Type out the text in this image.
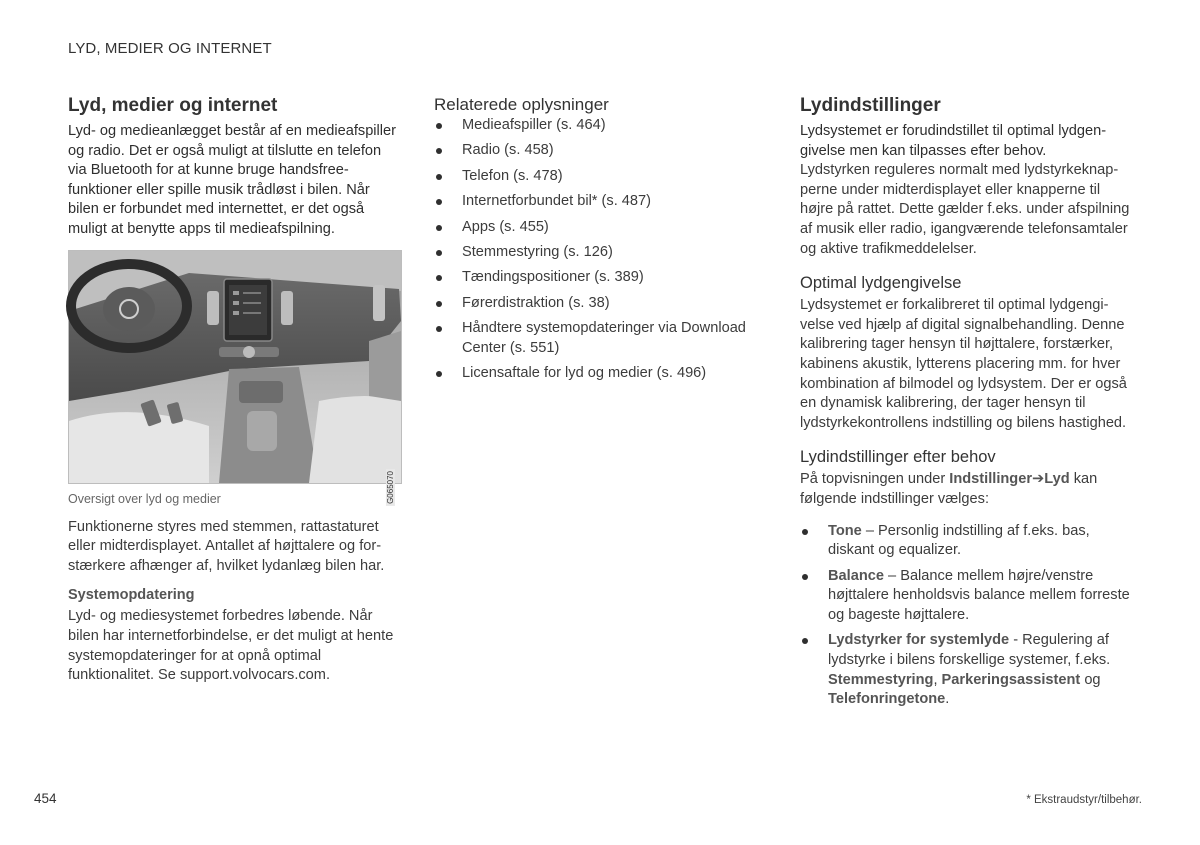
LYD, MEDIER OG INTERNET
Lyd, medier og internet

Lyd- og medieanlægget består af en medieafspiller og radio. Det er også muligt at tilslutte en telefon via Bluetooth for at kunne bruge handsfree-funktioner eller spille musik trådløst i bilen. Når bilen er forbundet med internettet, er det også muligt at benytte apps til medieafspilning.

G065070
Oversigt over lyd og medier

Funktionerne styres med stemmen, rattastaturet eller midterdisplayet. Antallet af højttalere og forstærkere afhænger af, hvilket lydanlæg bilen har.

Systemopdatering

Lyd- og mediesystemet forbedres løbende. Når bilen har internetforbindelse, er det muligt at hente systemopdateringer for at opnå optimal funktionalitet. Se support.volvocars.com.

Relaterede oplysninger
Medieafspiller (s. 464)
Radio (s. 458)
Telefon (s. 478)
Internetforbundet bil* (s. 487)
Apps (s. 455)
Stemmestyring (s. 126)
Tændingspositioner (s. 389)
Førerdistraktion (s. 38)
Håndtere systemopdateringer via Download Center (s. 551)
Licensaftale for lyd og medier (s. 496)
Lydindstillinger

Lydsystemet er forudindstillet til optimal lydgengivelse men kan tilpasses efter behov.

Lydstyrken reguleres normalt med lydstyrkeknapperne under midterdisplayet eller knapperne til højre på rattet. Dette gælder f.eks. under afspilning af musik eller radio, igangværende telefonsamtaler og aktive trafikmeddelelser.

Optimal lydgengivelse

Lydsystemet er forkalibreret til optimal lydgengivelse ved hjælp af digital signalbehandling. Denne kalibrering tager hensyn til højttalere, forstærker, kabinens akustik, lytterens placering mm. for hver kombination af bilmodel og lydsystem. Der er også en dynamisk kalibrering, der tager hensyn til lydstyrkekontrollens indstilling og bilens hastighed.

Lydindstillinger efter behov

På topvisningen under Indstillinger➔Lyd kan følgende indstillinger vælges:

Tone – Personlig indstilling af f.eks. bas, diskant og equalizer.
Balance – Balance mellem højre/venstre højttalere henholdsvis balance mellem forreste og bageste højttalere.
Lydstyrker for systemlyde - Regulering af lydstyrke i bilens forskellige systemer, f.eks. Stemmestyring, Parkeringsassistent og Telefonringetone.
454	* Ekstraudstyr/tilbehør.
